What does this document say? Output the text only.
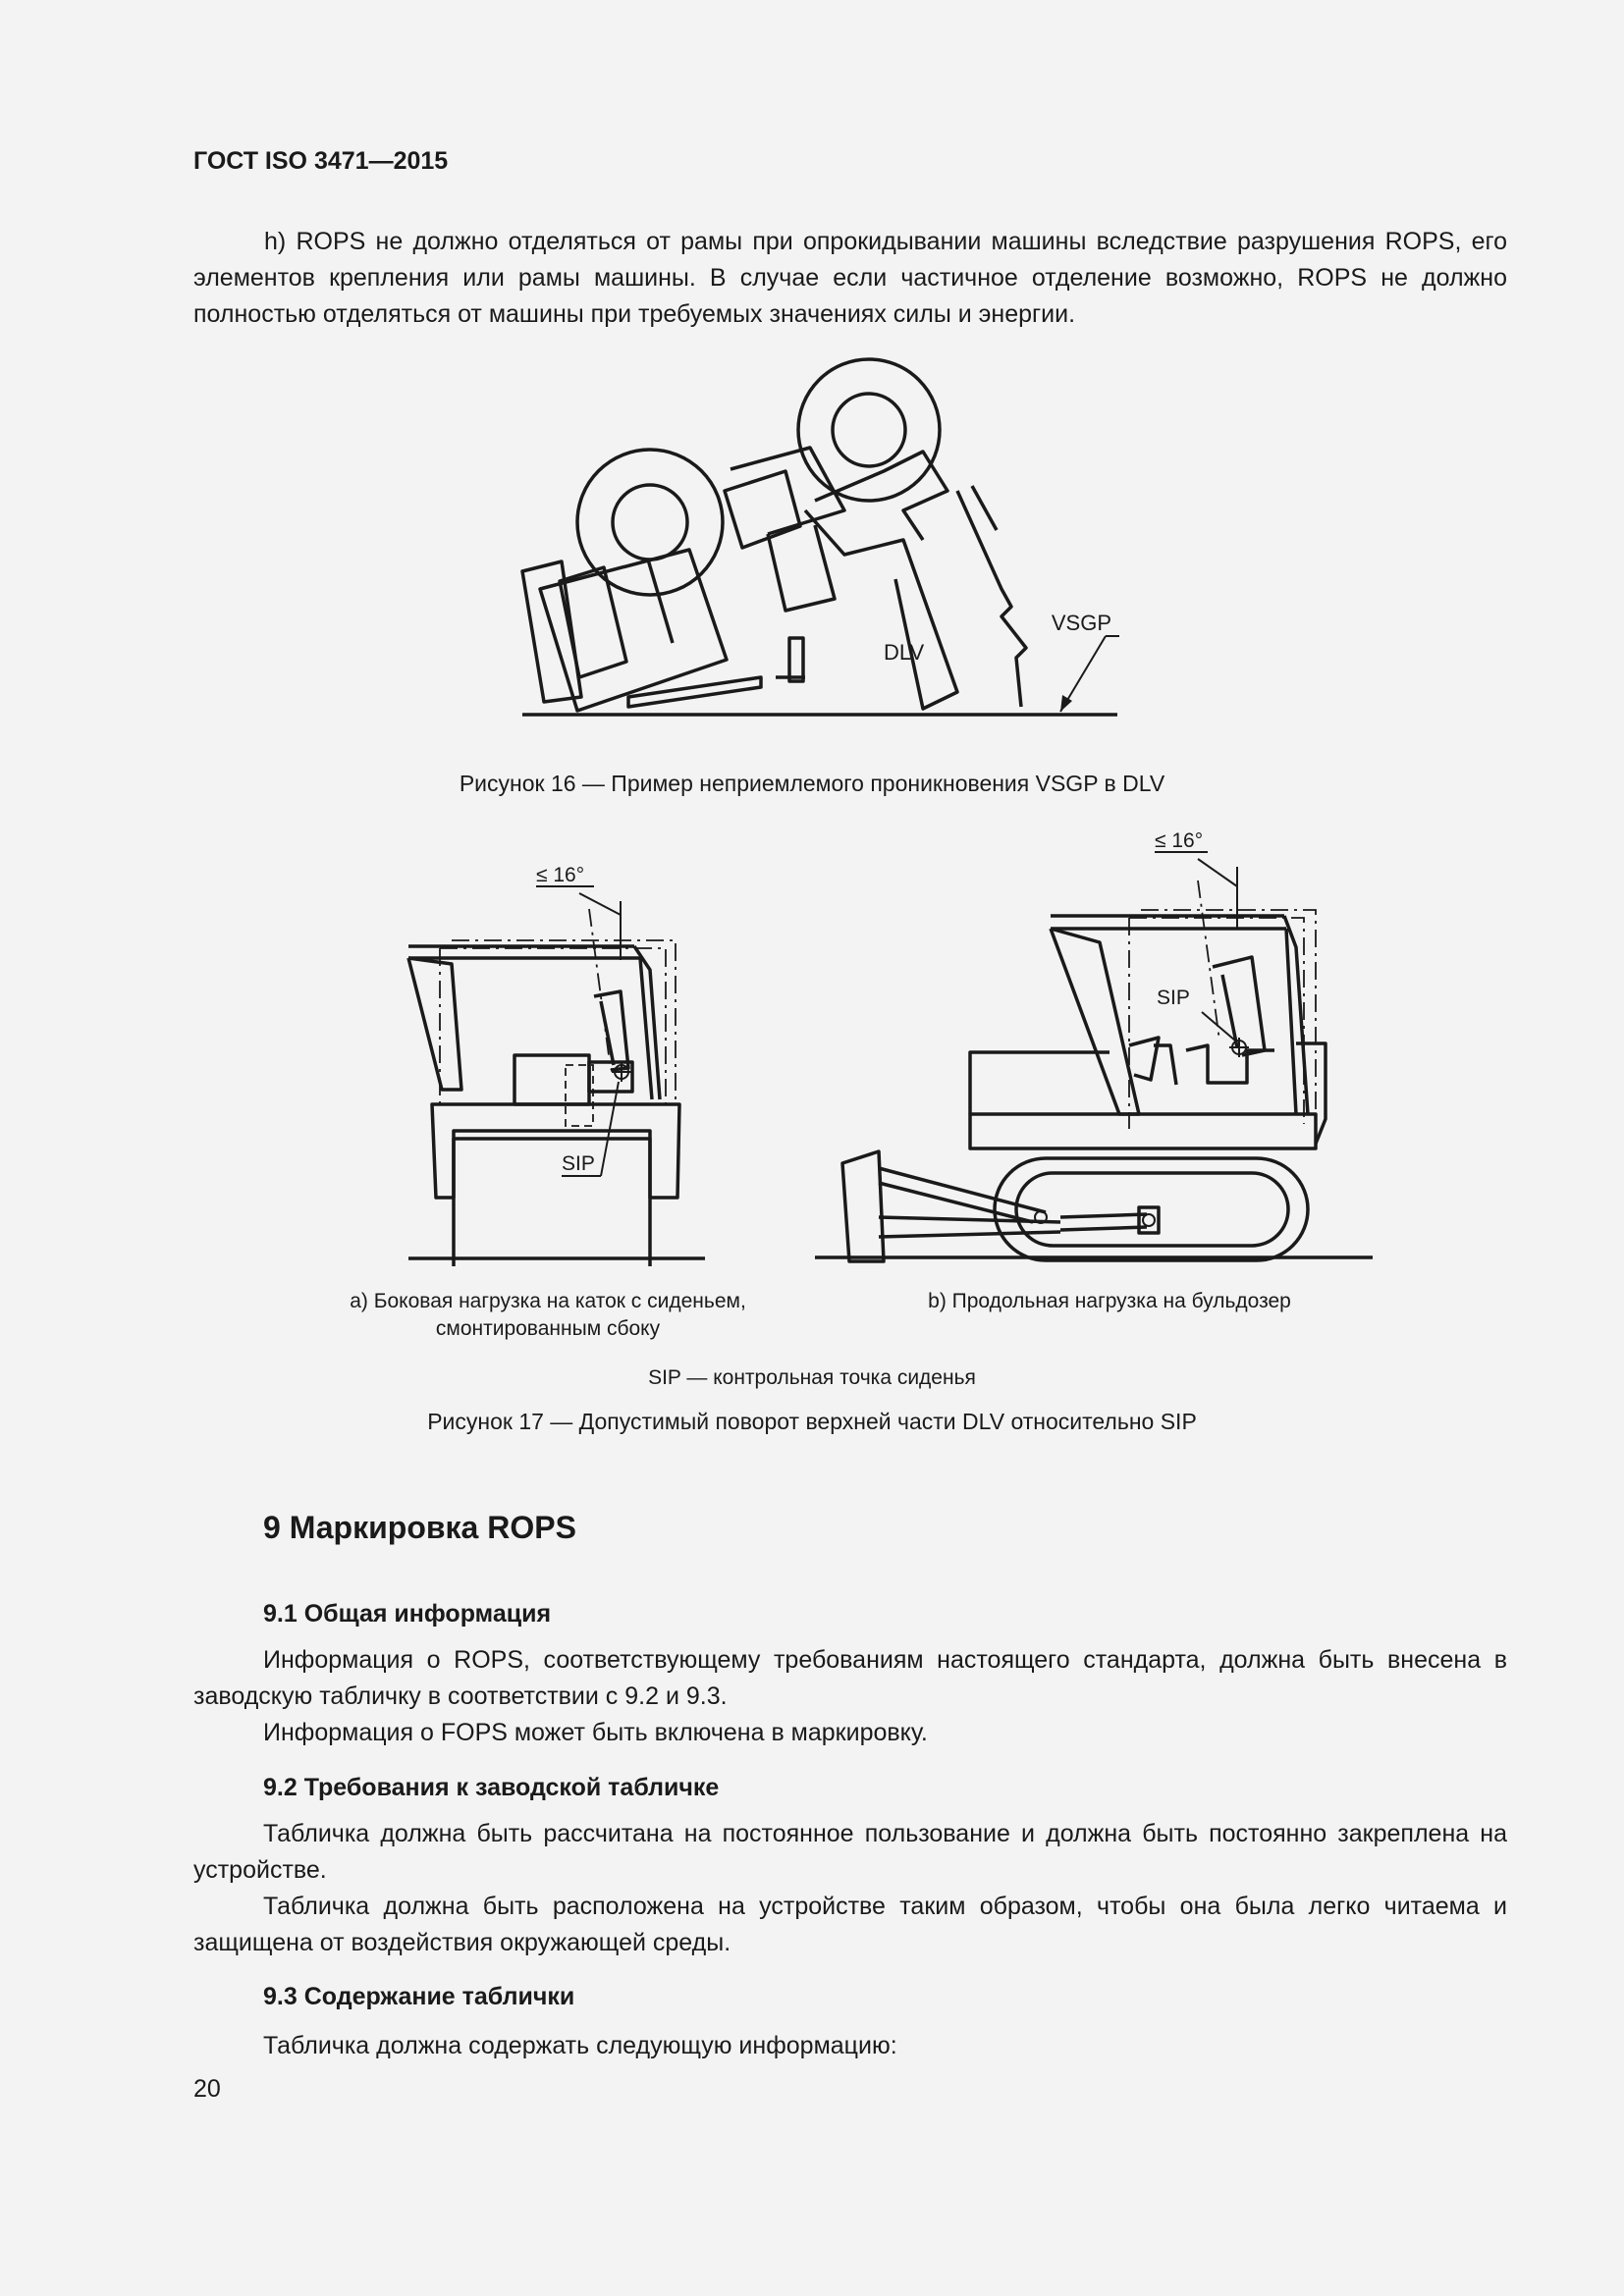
ГОСТ ISO 3471—2015
h) ROPS не должно отделяться от рамы при опрокидывании машины вследствие разрушения ROPS, его элементов крепления или рамы машины. В случае если частичное отделение возможно, ROPS не должно полностью отделяться от машины при требуемых значениях силы и энергии.
DLV
VSGP
Рисунок 16 — Пример неприемлемого проникновения VSGP в DLV
≤ 16°
SIP
≤ 16°
SIP
а) Боковая нагрузка на каток с сиденьем, смонтированным сбоку
b) Продольная нагрузка на бульдозер
SIP — контрольная точка сиденья
Рисунок 17 — Допустимый поворот верхней части DLV относительно SIP
9 Маркировка ROPS
9.1 Общая информация
Информация о ROPS, соответствующему требованиям настоящего стандарта, должна быть внесена в заводскую табличку в соответствии с 9.2 и 9.3.
Информация о FOPS может быть включена в маркировку.
9.2 Требования к заводской табличке
Табличка должна быть рассчитана на постоянное пользование и должна быть постоянно закреплена на устройстве.
Табличка должна быть расположена на устройстве таким образом, чтобы она была легко читаема и защищена от воздействия окружающей среды.
9.3 Содержание таблички
Табличка должна содержать следующую информацию:
20
